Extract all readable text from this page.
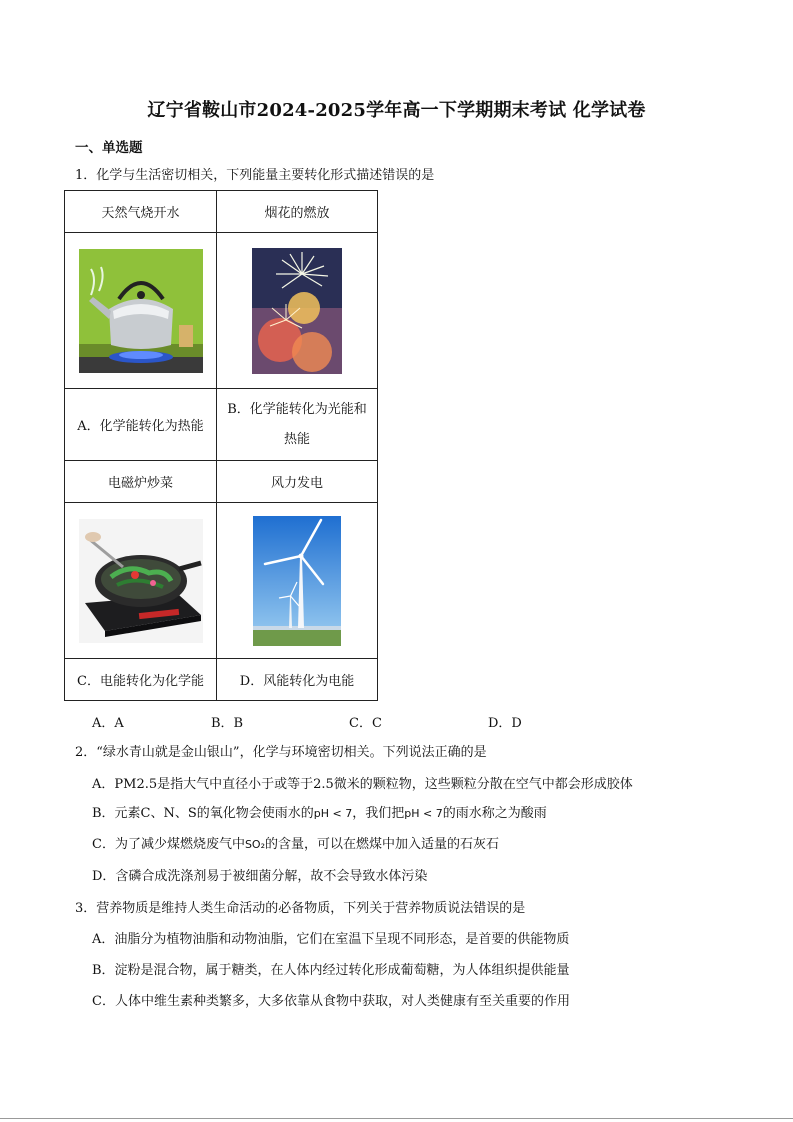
辽宁省鞍山市2024-2025学年高一下学期期末考试 化学试卷
一、单选题
1．化学与生活密切相关，下列能量主要转化形式描述错误的是
天然气烧开水	烟花的燃放

A．化学能转化为热能	B．化学能转化为光能和
热能

电磁炉炒菜	风力发电

C．电能转化为化学能	D．风能转化为电能
A．A	B．B	C．C	D．D
2．“绿水青山就是金山银山”，化学与环境密切相关。下列说法正确的是
A．PM2.5是指大气中直径小于或等于2.5微米的颗粒物，这些颗粒分散在空气中都会形成胶体
B．元素C、N、S的氧化物会使雨水的pH < 7，我们把pH < 7的雨水称之为酸雨
C．为了减少煤燃烧废气中SO₂的含量，可以在燃煤中加入适量的石灰石
D．含磷合成洗涤剂易于被细菌分解，故不会导致水体污染
3．营养物质是维持人类生命活动的必备物质，下列关于营养物质说法错误的是
A．油脂分为植物油脂和动物油脂，它们在室温下呈现不同形态，是首要的供能物质
B．淀粉是混合物，属于糖类，在人体内经过转化形成葡萄糖，为人体组织提供能量
C．人体中维生素种类繁多，大多依靠从食物中获取，对人类健康有至关重要的作用
